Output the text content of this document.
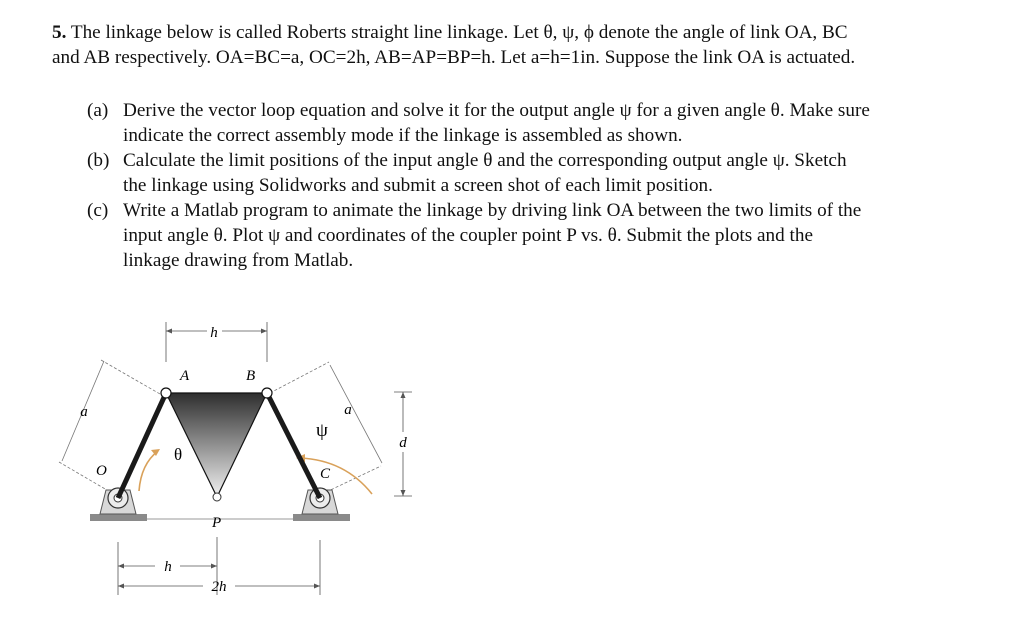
5. The linkage below is called Roberts straight line linkage. Let θ, ψ, ϕ denote the angle of link OA, BC

and AB respectively. OA=BC=a, OC=2h, AB=AP=BP=h. Let a=h=1in. Suppose the link OA is actuated.

(a) Derive the vector loop equation and solve it for the output angle ψ for a given angle θ. Make sure
indicate the correct assembly mode if the linkage is assembled as shown.
(b) Calculate the limit positions of the input angle θ and the corresponding output angle ψ. Sketch
the linkage using Solidworks and submit a screen shot of each limit position.
(c) Write a Matlab program to animate the linkage by driving link OA between the two limits of the
input angle θ. Plot ψ and coordinates of the coupler point P vs. θ. Submit the plots and the
linkage drawing from Matlab.
h
a	a
d
A	B
θ
ψ
O	C
P
h
2h
